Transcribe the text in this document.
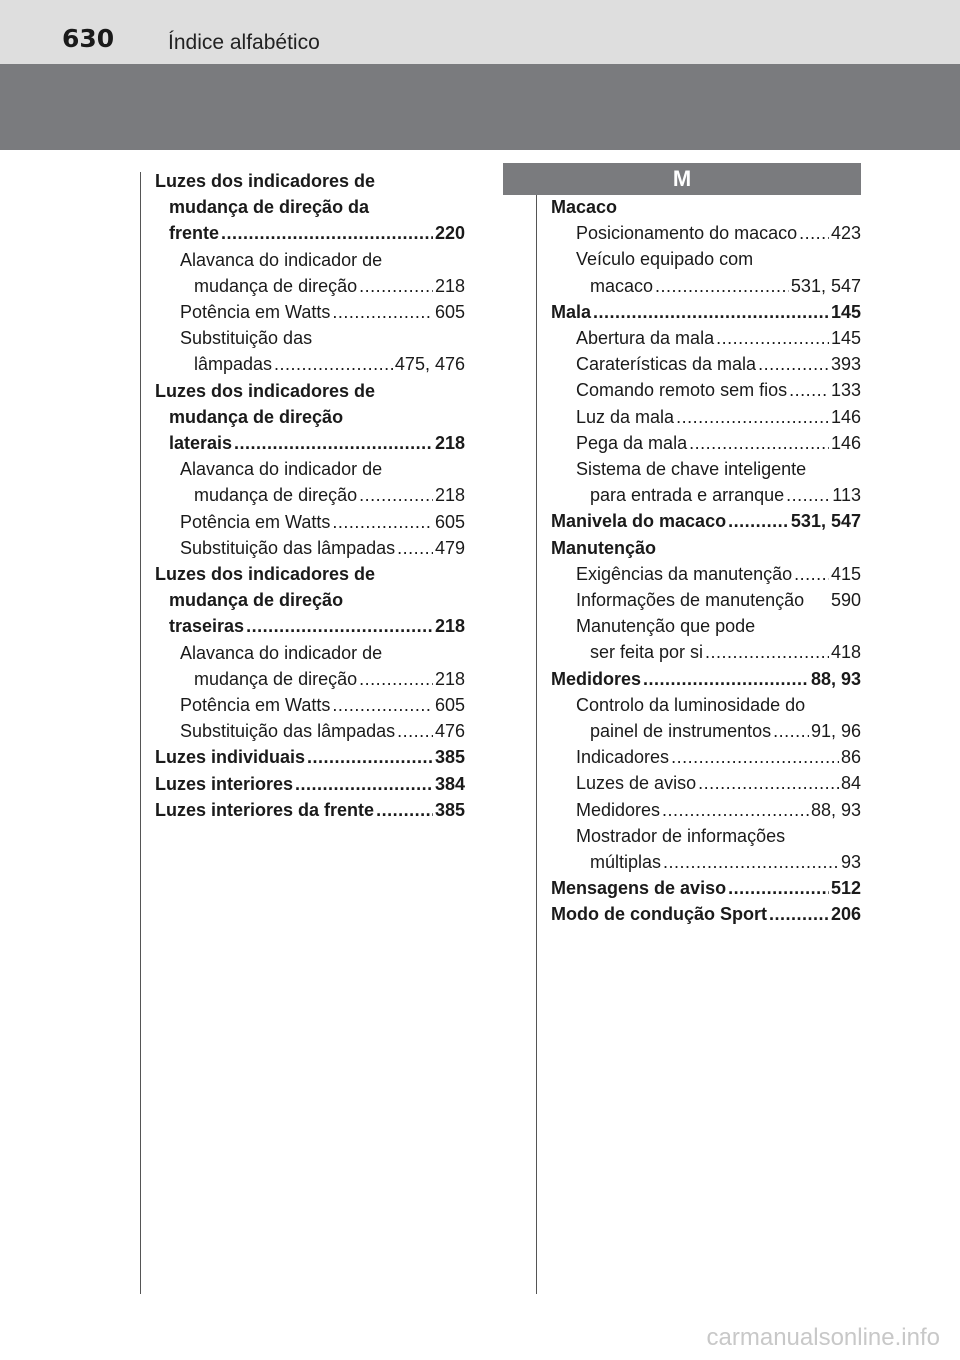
630	Índice alfabético
M
Luzes dos indicadores de
mudança de direção da
frente .....	220
Alavanca do indicador de
mudança de direção .....	218
Potência em Watts .....	605
Substituição das
lâmpadas .....	475, 476
Luzes dos indicadores de
mudança de direção
laterais .....	218
Alavanca do indicador de
mudança de direção .....	218
Potência em Watts .....	605
Substituição das lâmpadas ..... 479
Luzes dos indicadores de
mudança de direção
traseiras .....	218
Alavanca do indicador de
mudança de direção .....	218
Potência em Watts .....	605
Substituição das lâmpadas ..... 476
Luzes individuais .....	385
Luzes interiores .....	384
Luzes interiores da frente .....	385
Macaco
Posicionamento do macaco ..... 423
Veículo equipado com
macaco .....	531, 547
Mala .....	145
Abertura da mala .....	145
Caraterísticas da mala .....	393
Comando remoto sem fios ..... 133
Luz da mala .....	146
Pega da mala .....	146
Sistema de chave inteligente
para entrada e arranque .....	113
Manivela do macaco .....	531, 547
Manutenção
Exigências da manutenção ..... 415
Informações de manutenção 590
Manutenção que pode
ser feita por si .....	418
Medidores .....	88, 93
Controlo da luminosidade do
painel de instrumentos ..... 91, 96
Indicadores .....	86
Luzes de aviso .....	84
Medidores .....	88, 93
Mostrador de informações
múltiplas .....	93
Mensagens de aviso .....	512
Modo de condução Sport .....	206
carmanualsonline.info
